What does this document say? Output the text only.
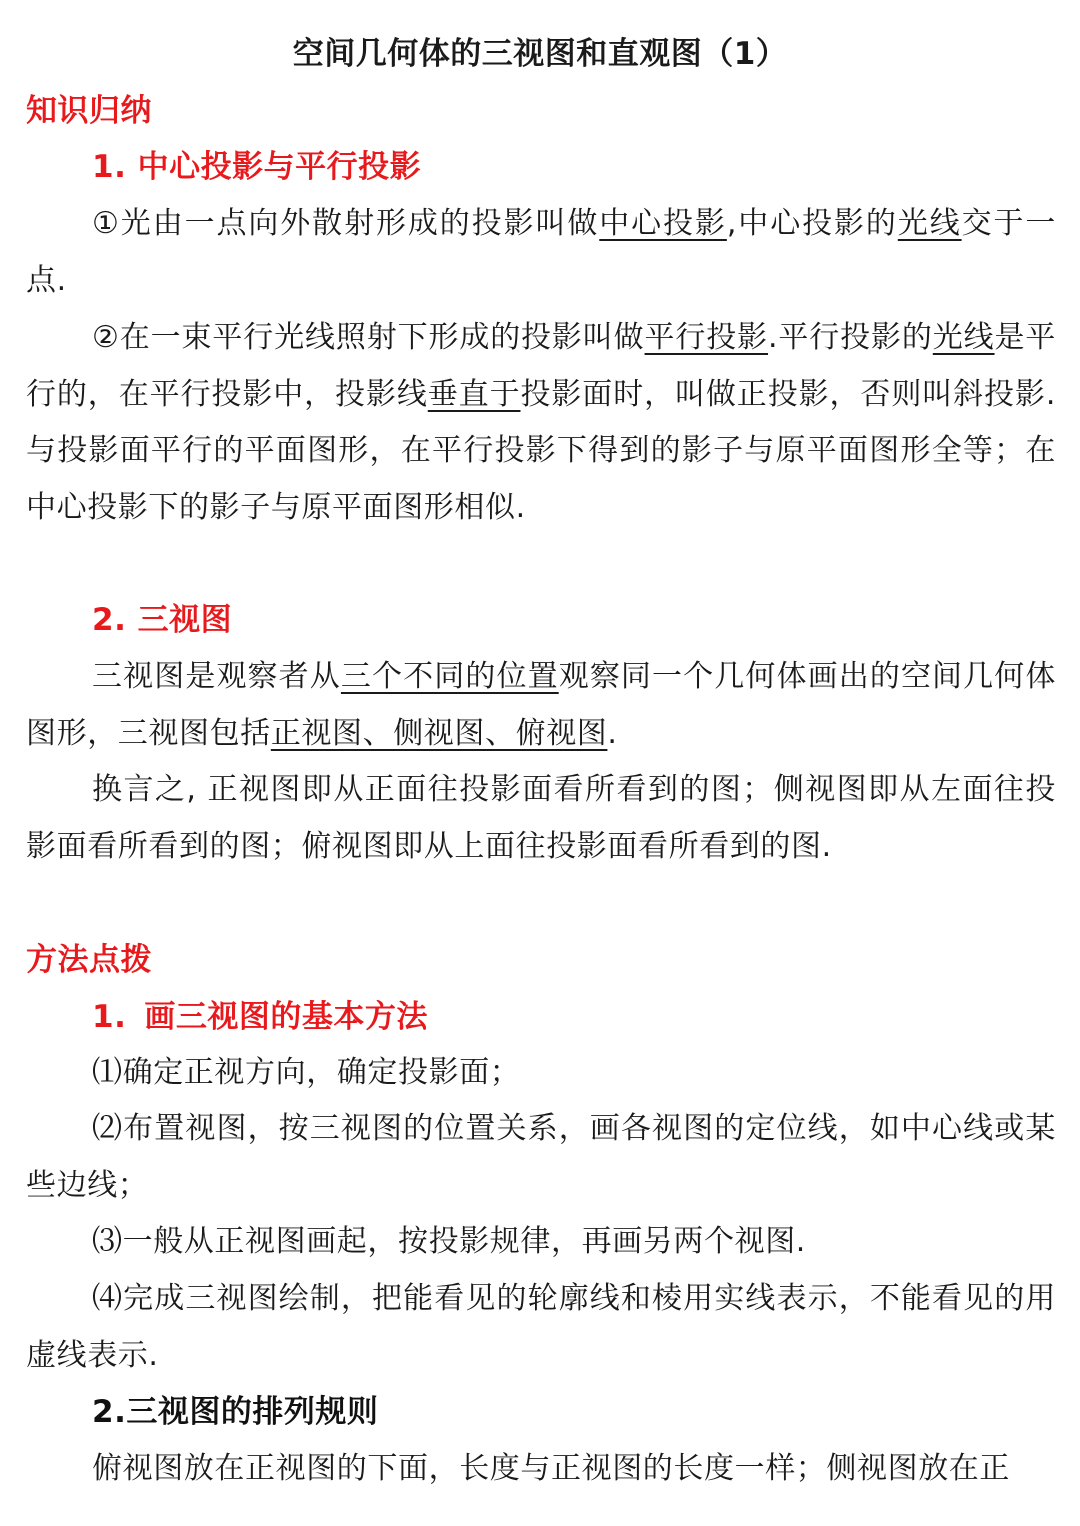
空间几何体的三视图和直观图（1）
知识归纳
1. 中心投影与平行投影

①光由一点向外散射形成的投影叫做中心投影,中心投影的光线交于一点.

②在一束平行光线照射下形成的投影叫做平行投影.平行投影的光线是平行的，在平行投影中，投影线垂直于投影面时，叫做正投影，否则叫斜投影. 与投影面平行的平面图形，在平行投影下得到的影子与原平面图形全等；在中心投影下的影子与原平面图形相似.

2. 三视图

三视图是观察者从三个不同的位置观察同一个几何体画出的空间几何体图形，三视图包括正视图、侧视图、俯视图.

换言之, 正视图即从正面往投影面看所看到的图；侧视图即从左面往投影面看所看到的图；俯视图即从上面往投影面看所看到的图.

方法点拨
1. 画三视图的基本方法

⑴确定正视方向，确定投影面；

⑵布置视图，按三视图的位置关系，画各视图的定位线，如中心线或某些边线；

⑶一般从正视图画起，按投影规律，再画另两个视图.

⑷完成三视图绘制，把能看见的轮廓线和棱用实线表示，不能看见的用虚线表示.

2.三视图的排列规则

俯视图放在正视图的下面，长度与正视图的长度一样；侧视图放在正
